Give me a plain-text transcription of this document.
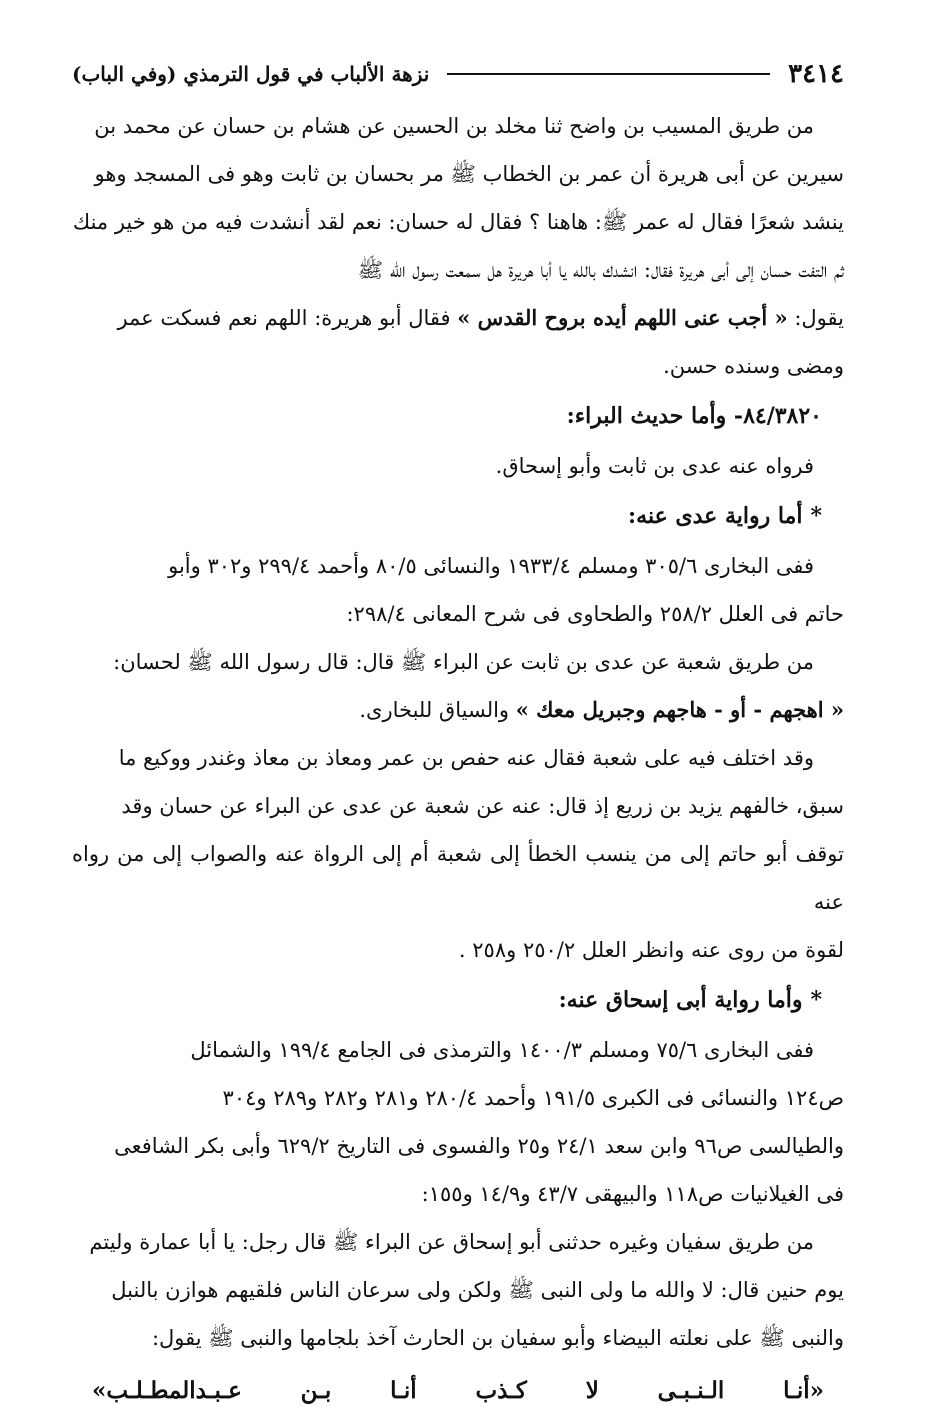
٣٤١٤
نزهة الألباب في قول الترمذي (وفي الباب)

من طريق المسيب بن واضح ثنا مخلد بن الحسين عن هشام بن حسان عن محمد بن

سيرين عن أبى هريرة أن عمر بن الخطاب ﷺ مر بحسان بن ثابت وهو فى المسجد وهو

ينشد شعرًا فقال له عمر ﷺ: هاهنا ؟ فقال له حسان: نعم لقد أنشدت فيه من هو خير منك

ثم التفت حسان إلى أبى هريرة فقال: انشدك بالله يا أبا هريرة هل سمعت رسول الله ﷺ

يقول: « أجب عنى اللهم أيده بروح القدس » فقال أبو هريرة: اللهم نعم فسكت عمر

ومضى وسنده حسن.

٨٤/٣٨٢٠- وأما حديث البراء:

فرواه عنه عدى بن ثابت وأبو إسحاق.

*أما رواية عدى عنه:

ففى البخارى ٣٠٥/٦ ومسلم ١٩٣٣/٤ والنسائى ٨٠/٥ وأحمد ٢٩٩/٤ و٣٠٢ وأبو

حاتم فى العلل ٢٥٨/٢ والطحاوى فى شرح المعانى ٢٩٨/٤:

من طريق شعبة عن عدى بن ثابت عن البراء ﷺ قال: قال رسول الله ﷺ لحسان:

« اهجهم - أو - هاجهم وجبريل معك » والسياق للبخارى.

وقد اختلف فيه على شعبة فقال عنه حفص بن عمر ومعاذ بن معاذ وغندر ووكيع ما

سبق، خالفهم يزيد بن زريع إذ قال: عنه عن شعبة عن عدى عن البراء عن حسان وقد

توقف أبو حاتم إلى من ينسب الخطأ إلى شعبة أم إلى الرواة عنه والصواب إلى من رواه عنه

لقوة من روى عنه وانظر العلل ٢٥٠/٢ و٢٥٨ .

*وأما رواية أبى إسحاق عنه:

ففى البخارى ٧٥/٦ ومسلم ١٤٠٠/٣ والترمذى فى الجامع ١٩٩/٤ والشمائل

ص١٢٤ والنسائى فى الكبرى ١٩١/٥ وأحمد ٢٨٠/٤ و٢٨١ و٢٨٢ و٢٨٩ و٣٠٤

والطيالسى ص٩٦ وابن سعد ٢٤/١ و٢٥ والفسوى فى التاريخ ٦٢٩/٢ وأبى بكر الشافعى

فى الغيلانيات ص١١٨ والبيهقى ٤٣/٧ و١٤/٩ و١٥٥:

من طريق سفيان وغيره حدثنى أبو إسحاق عن البراء ﷺ قال رجل: يا أبا عمارة وليتم

يوم حنين قال: لا والله ما ولى النبى ﷺ ولكن ولى سرعان الناس فلقيهم هوازن بالنبل

والنبى ﷺ على نعلته البيضاء وأبو سفيان بن الحارث آخذ بلجامها والنبى ﷺ يقول:

«أنـا
الـنـبـى
لا
كـذب
أنـا
بـن
عـبـدالمطـلـب»
